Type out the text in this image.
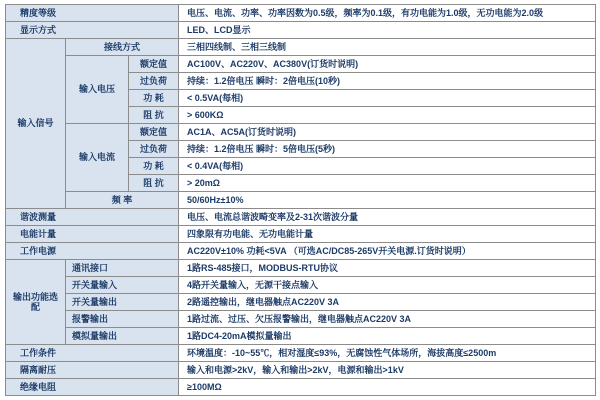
精度等级			电压、电流、功率、功率因数为0.5级，频率为0.1级，有功电能为1.0级，无功电能为2.0级
显示方式			LED、LCD显示
输入信号	接线方式		三相四线制、三相三线制
	输入电压	额定值	AC100V、AC220V、AC380V(订货时说明)
		过负荷	持续：1.2倍电压 瞬时：2倍电压(10秒)
		功 耗	< 0.5VA(每相)
		阻 抗	> 600KΩ
	输入电流	额定值	AC1A、AC5A(订货时说明)
		过负荷	持续：1.2倍电压 瞬时：5倍电压(5秒)
		功 耗	< 0.4VA(每相)
		阻 抗	> 20mΩ
	频 率		50/60Hz±10%
谐波测量			电压、电流总谐波畸变率及2-31次谐波分量
电能计量			四象限有功电能、无功电能计量
工作电源			AC220V±10% 功耗<5VA （可选AC/DC85-265V开关电源.订货时说明）
输出功能选配	通讯接口		1路RS-485接口，MODBUS-RTU协议
	开关量输入		4路开关量输入，无源干接点输入
	开关量输出		2路遥控输出，继电器触点AC220V 3A
	报警输出		1路过流、过压、欠压报警输出，继电器触点AC220V 3A
	模拟量输出		1路DC4-20mA模拟量输出
工作条件			环境温度：-10~55℃，相对湿度≤93%，无腐蚀性气体场所，海拔高度≤2500m
隔离耐压			输入和电源>2kV，输入和输出>2kV，电源和输出>1kV
绝缘电阻			≥100MΩ
